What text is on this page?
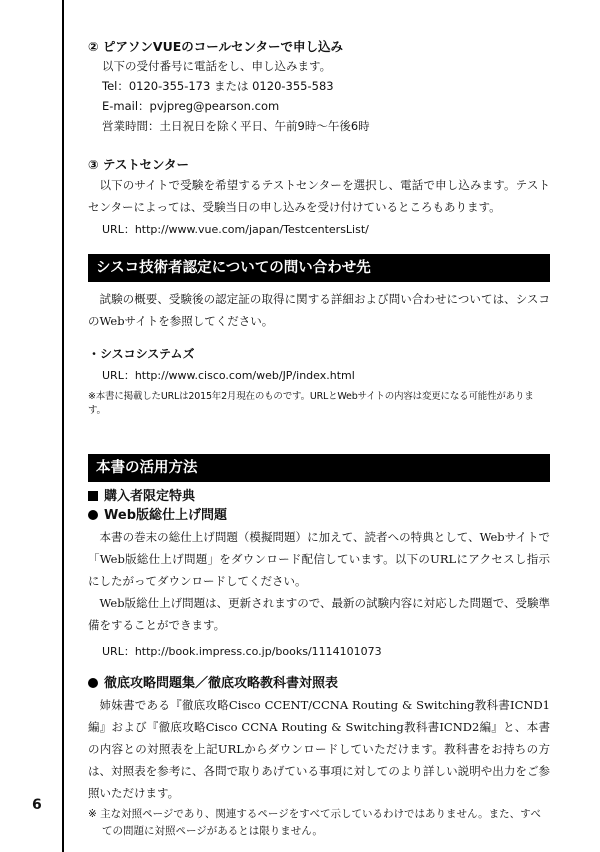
6
② ピアソンVUEのコールセンターで申し込み
以下の受付番号に電話をし、申し込みます。
Tel：0120-355-173 または 0120-355-583
E-mail：pvjpreg@pearson.com
営業時間：土日祝日を除く平日、午前9時〜午後6時
③ テストセンター

以下のサイトで受験を希望するテストセンターを選択し、電話で申し込みます。テストセンターによっては、受験当日の申し込みを受け付けているところもあります。

URL：http://www.vue.com/japan/TestcentersList/
シスコ技術者認定についての問い合わせ先

試験の概要、受験後の認定証の取得に関する詳細および問い合わせについては、シスコのWebサイトを参照してください。

・シスコシステムズ
URL：http://www.cisco.com/web/JP/index.html
※本書に掲載したURLは2015年2月現在のものです。URLとWebサイトの内容は変更になる可能性があります。
本書の活用方法
購入者限定特典
Web版総仕上げ問題

本書の巻末の総仕上げ問題（模擬問題）に加えて、読者への特典として、Webサイトで「Web版総仕上げ問題」をダウンロード配信しています。以下のURLにアクセスし指示にしたがってダウンロードしてください。

Web版総仕上げ問題は、更新されますので、最新の試験内容に対応した問題で、受験準備をすることができます。

URL：http://book.impress.co.jp/books/1114101073
徹底攻略問題集／徹底攻略教科書対照表

姉妹書である『徹底攻略Cisco CCENT/CCNA Routing & Switching教科書ICND1編』および『徹底攻略Cisco CCNA Routing & Switching教科書ICND2編』と、本書の内容との対照表を上記URLからダウンロードしていただけます。教科書をお持ちの方は、対照表を参考に、各問で取りあげている事項に対してのより詳しい説明や出力をご参照いただけます。

※ 主な対照ページであり、関連するページをすべて示しているわけではありません。また、すべての問題に対照ページがあるとは限りません。
